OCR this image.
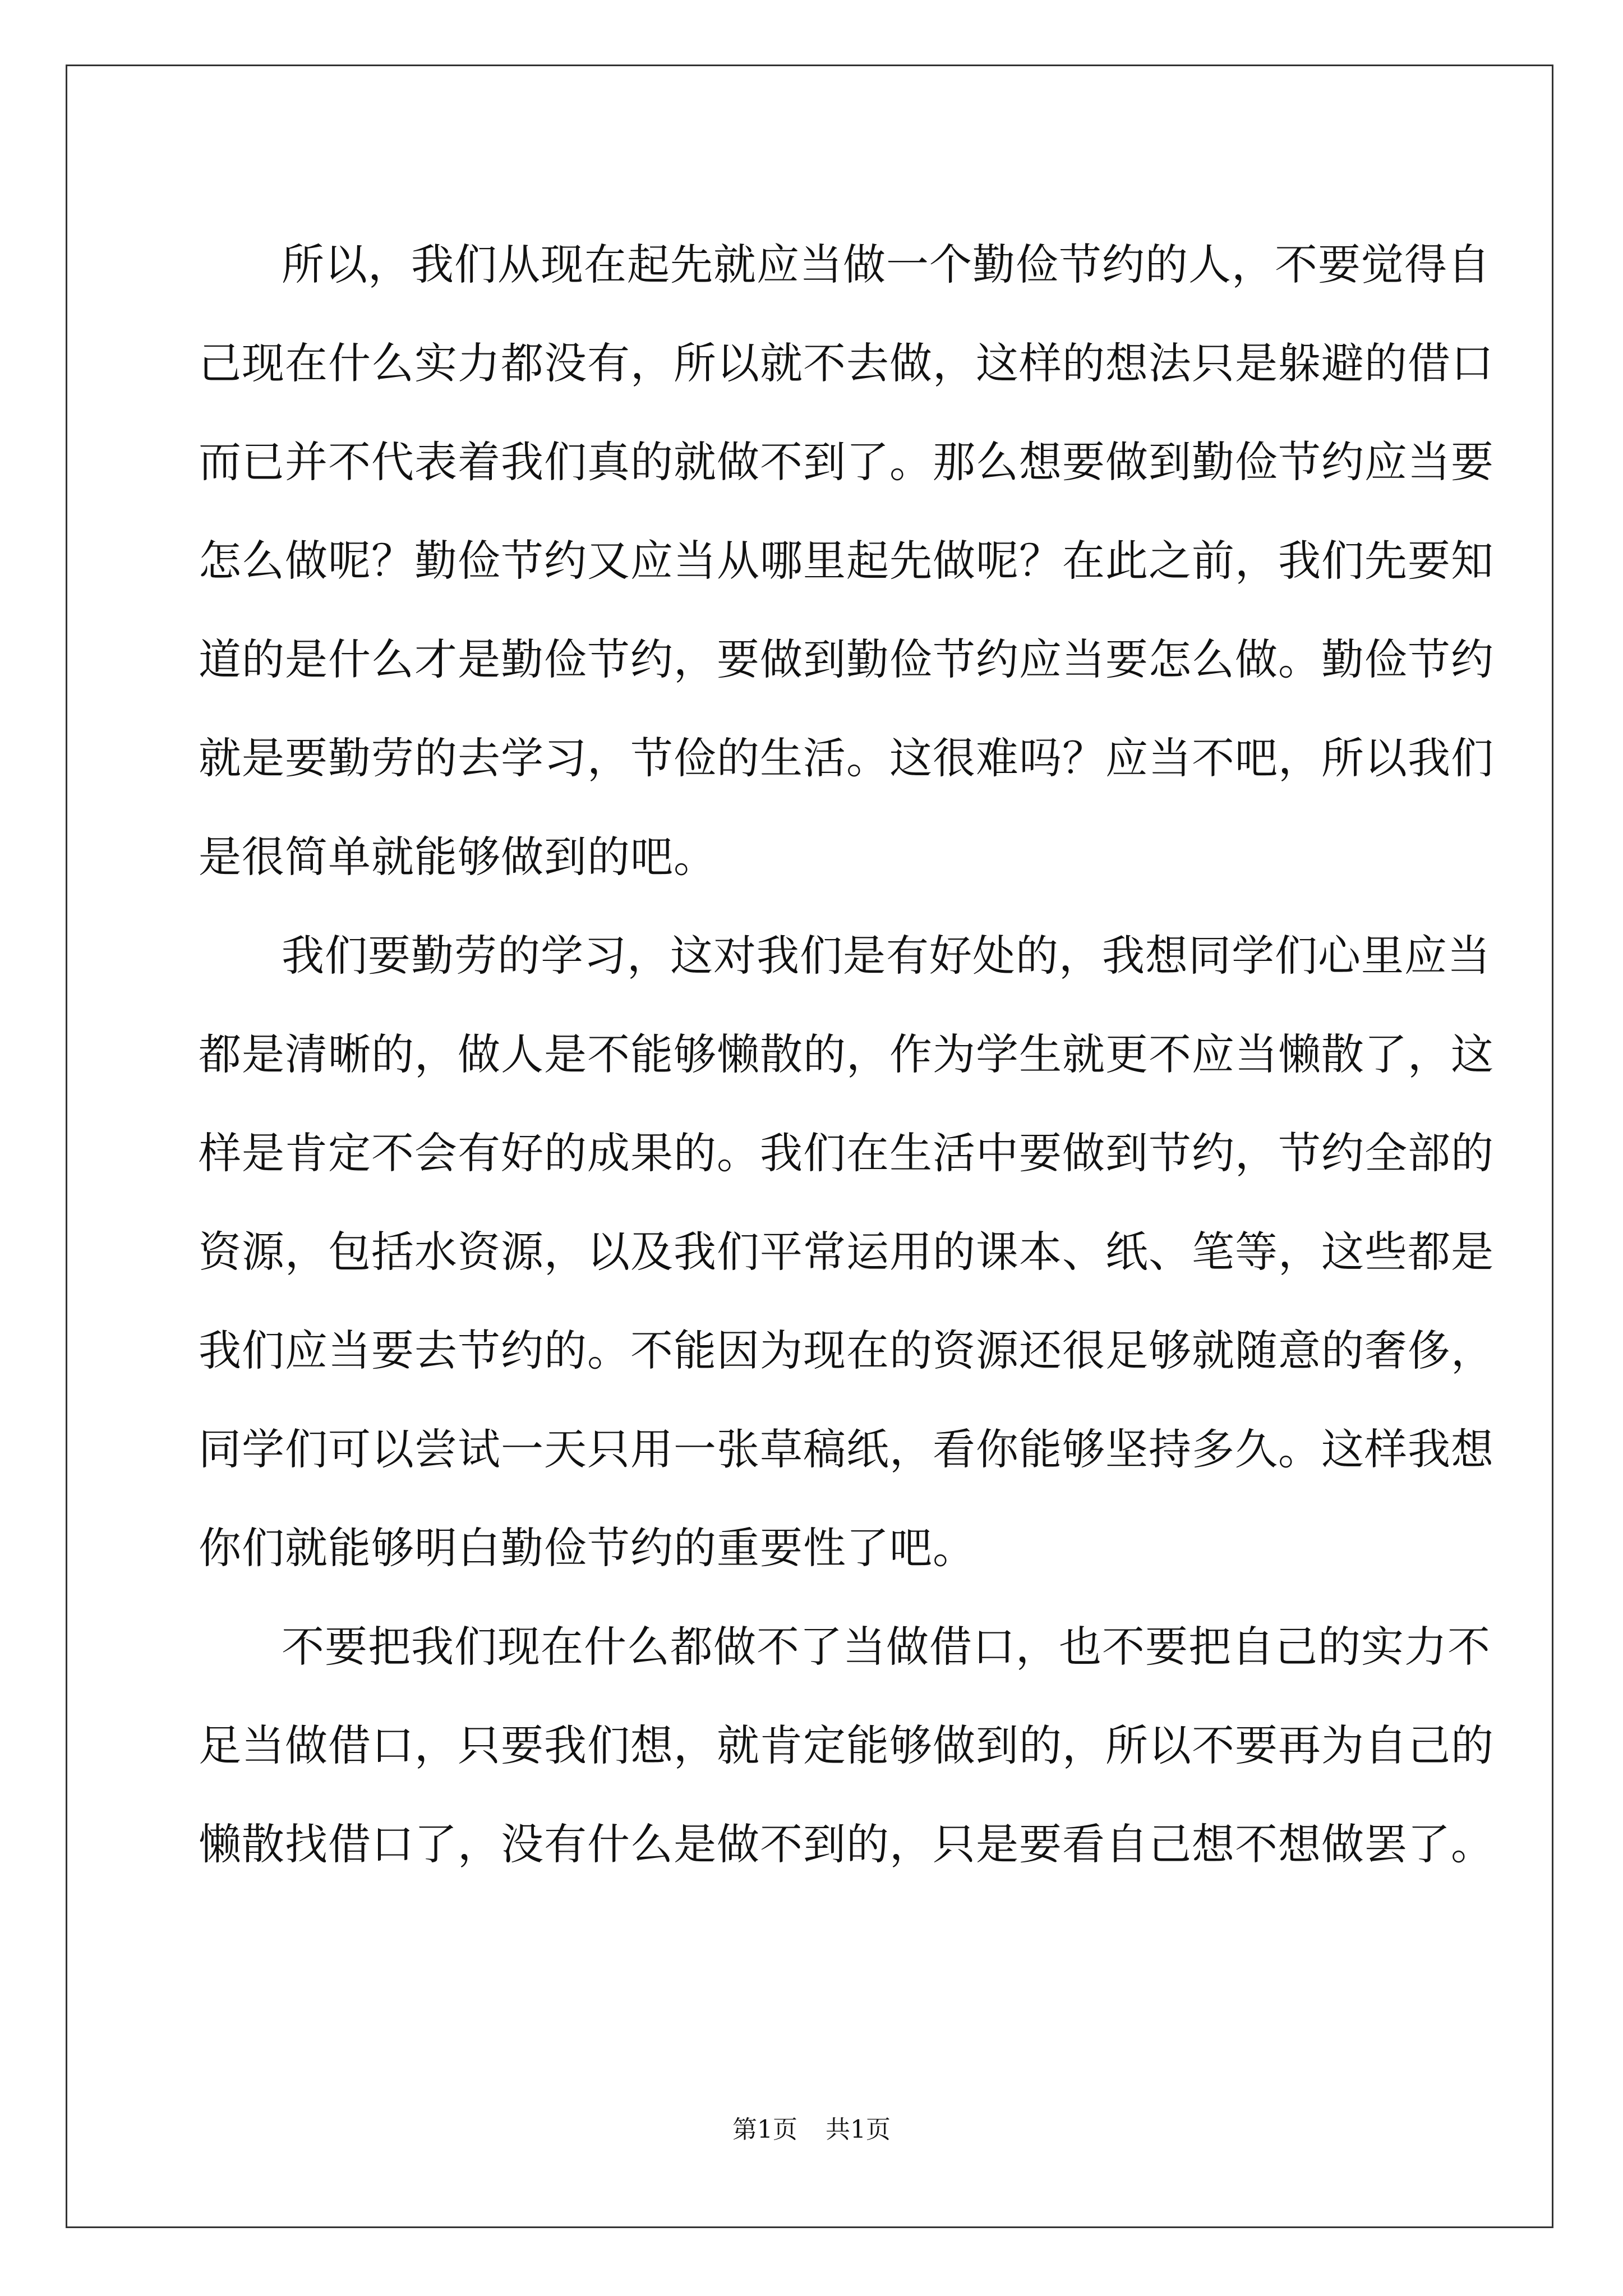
所以，我们从现在起先就应当做一个勤俭节约的人，不要觉得自
己现在什么实力都没有，所以就不去做，这样的想法只是躲避的借口
而已并不代表着我们真的就做不到了。那么想要做到勤俭节约应当要
怎么做呢？勤俭节约又应当从哪里起先做呢？在此之前，我们先要知
道的是什么才是勤俭节约，要做到勤俭节约应当要怎么做。勤俭节约
就是要勤劳的去学习，节俭的生活。这很难吗？应当不吧，所以我们
是很简单就能够做到的吧。
我们要勤劳的学习，这对我们是有好处的，我想同学们心里应当
都是清晰的，做人是不能够懒散的，作为学生就更不应当懒散了，这
样是肯定不会有好的成果的。我们在生活中要做到节约，节约全部的
资源，包括水资源，以及我们平常运用的课本、纸、笔等，这些都是
我们应当要去节约的。不能因为现在的资源还很足够就随意的奢侈，
同学们可以尝试一天只用一张草稿纸，看你能够坚持多久。这样我想
你们就能够明白勤俭节约的重要性了吧。
不要把我们现在什么都做不了当做借口，也不要把自己的实力不
足当做借口，只要我们想，就肯定能够做到的，所以不要再为自己的
懒散找借口了，没有什么是做不到的，只是要看自己想不想做罢了。
第1页 共1页
